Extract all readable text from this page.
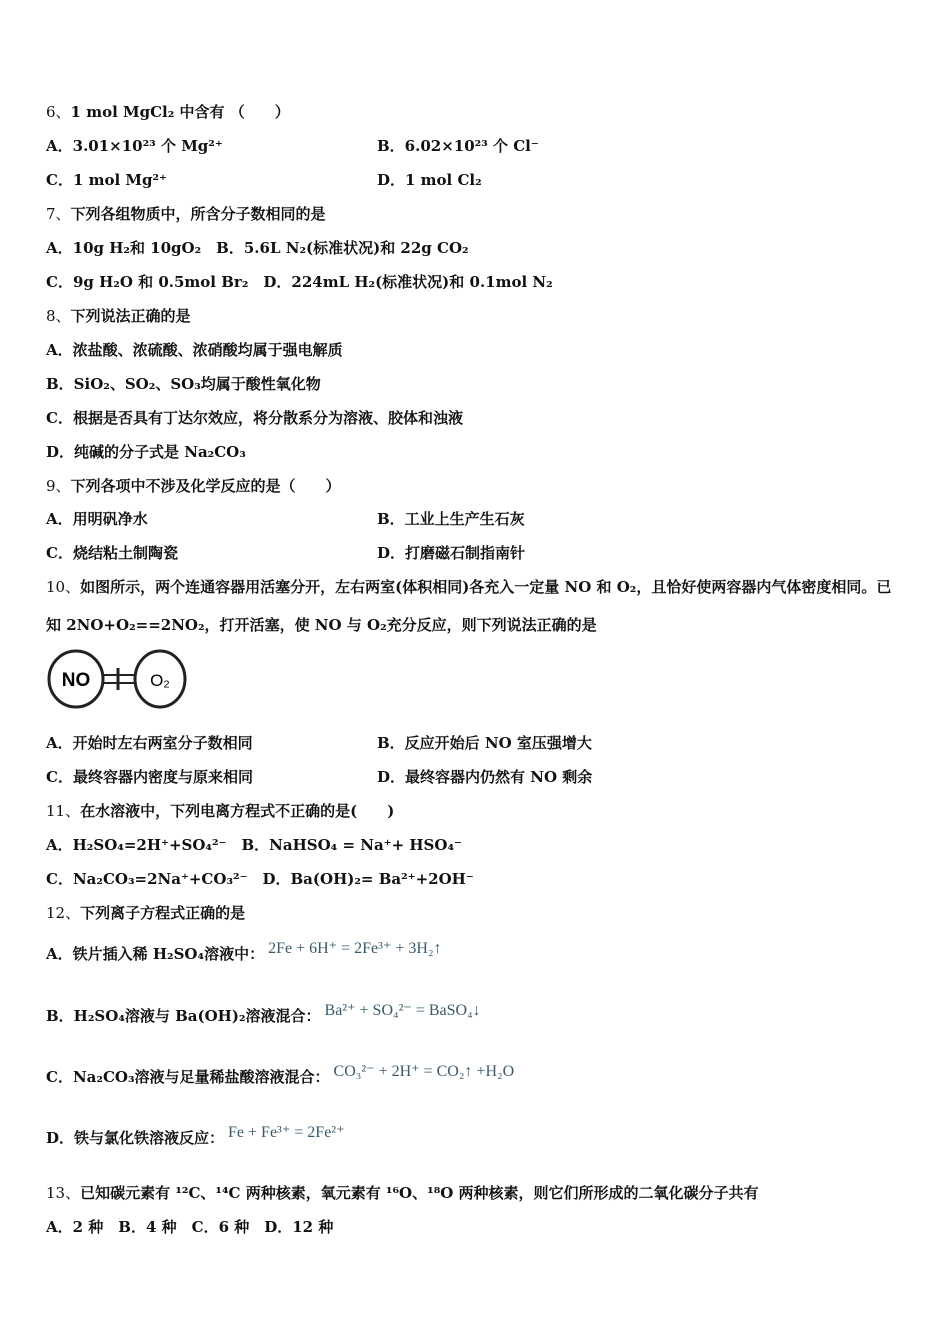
6、1 mol MgCl₂ 中含有 （　　）
A．3.01×10²³ 个 Mg²⁺	B．6.02×10²³ 个 Cl⁻
C．1 mol Mg²⁺	D．1 mol Cl₂
7、下列各组物质中，所含分子数相同的是
A．10g H₂和 10gO₂　B．5.6L N₂(标准状况)和 22g CO₂
C．9g H₂O 和 0.5mol Br₂　D．224mL H₂(标准状况)和 0.1mol N₂
8、下列说法正确的是
A．浓盐酸、浓硫酸、浓硝酸均属于强电解质
B．SiO₂、SO₂、SO₃均属于酸性氧化物
C．根据是否具有丁达尔效应，将分散系分为溶液、胶体和浊液
D．纯碱的分子式是 Na₂CO₃
9、下列各项中不涉及化学反应的是（　　）
A．用明矾净水	B．工业上生产生石灰
C．烧结粘土制陶瓷	D．打磨磁石制指南针
10、如图所示，两个连通容器用活塞分开，左右两室(体积相同)各充入一定量 NO 和 O₂，且恰好使两容器内气体密度相同。已知 2NO+O₂==2NO₂，打开活塞，使 NO 与 O₂充分反应，则下列说法正确的是
NO	O₂
A．开始时左右两室分子数相同	B．反应开始后 NO 室压强增大
C．最终容器内密度与原来相同	D．最终容器内仍然有 NO 剩余
11、在水溶液中，下列电离方程式不正确的是(　　)
A．H₂SO₄=2H⁺+SO₄²⁻　B．NaHSO₄ = Na⁺+ HSO₄⁻
C．Na₂CO₃=2Na⁺+CO₃²⁻　D．Ba(OH)₂= Ba²⁺+2OH⁻
12、下列离子方程式正确的是
A．铁片插入稀 H₂SO₄溶液中： 2Fe + 6H⁺ = 2Fe³⁺ + 3H₂↑
B．H₂SO₄溶液与 Ba(OH)₂溶液混合： Ba²⁺ + SO₄²⁻ = BaSO₄↓
C．Na₂CO₃溶液与足量稀盐酸溶液混合： CO₃²⁻ + 2H⁺ = CO₂↑ +H₂O
D．铁与氯化铁溶液反应： Fe + Fe³⁺ = 2Fe²⁺
13、已知碳元素有 ¹²C、¹⁴C 两种核素，氧元素有 ¹⁶O、¹⁸O 两种核素，则它们所形成的二氧化碳分子共有
A．2 种　B．4 种　C．6 种　D．12 种
